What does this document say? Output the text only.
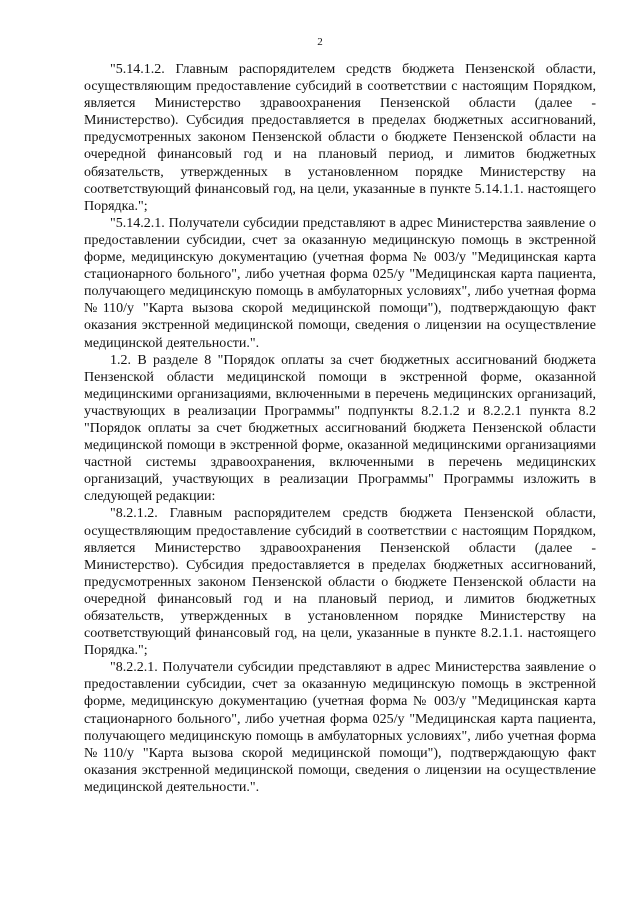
2

"5.14.1.2. Главным распорядителем средств бюджета Пензенской области, осуществляющим предоставление субсидий в соответствии с настоящим Порядком, является Министерство здравоохранения Пензенской области (далее - Министерство). Субсидия предоставляется в пределах бюджетных ассигнований, предусмотренных законом Пензенской области о бюджете Пензенской области на очередной финансовый год и на плановый период, и лимитов бюджетных обязательств, утвержденных в установленном порядке Министерству на соответствующий финансовый год, на цели, указанные в пункте 5.14.1.1. настоящего Порядка.";

"5.14.2.1. Получатели субсидии представляют в адрес Министерства заявление о предоставлении субсидии, счет за оказанную медицинскую помощь в экстренной форме, медицинскую документацию (учетная форма № 003/у "Медицинская карта стационарного больного", либо учетная форма 025/у "Медицинская карта пациента, получающего медицинскую помощь в амбулаторных условиях", либо учетная форма №110/у "Карта вызова скорой медицинской помощи"), подтверждающую факт оказания экстренной медицинской помощи, сведения о лицензии на осуществление медицинской деятельности.".

1.2. В разделе 8 "Порядок оплаты за счет бюджетных ассигнований бюджета Пензенской области медицинской помощи в экстренной форме, оказанной медицинскими организациями, включенными в перечень медицинских организаций, участвующих в реализации Программы" подпункты 8.2.1.2 и 8.2.2.1 пункта 8.2 "Порядок оплаты за счет бюджетных ассигнований бюджета Пензенской области медицинской помощи в экстренной форме, оказанной медицинскими организациями частной системы здравоохранения, включенными в перечень медицинских организаций, участвующих в реализации Программы" Программы изложить в следующей редакции:

"8.2.1.2. Главным распорядителем средств бюджета Пензенской области, осуществляющим предоставление субсидий в соответствии с настоящим Порядком, является Министерство здравоохранения Пензенской области (далее - Министерство). Субсидия предоставляется в пределах бюджетных ассигнований, предусмотренных законом Пензенской области о бюджете Пензенской области на очередной финансовый год и на плановый период, и лимитов бюджетных обязательств, утвержденных в установленном порядке Министерству на соответствующий финансовый год, на цели, указанные в пункте 8.2.1.1. настоящего Порядка.";

"8.2.2.1. Получатели субсидии представляют в адрес Министерства заявление о предоставлении субсидии, счет за оказанную медицинскую помощь в экстренной форме, медицинскую документацию (учетная форма № 003/у "Медицинская карта стационарного больного", либо учетная форма 025/у "Медицинская карта пациента, получающего медицинскую помощь в амбулаторных условиях", либо учетная форма №110/у "Карта вызова скорой медицинской помощи"), подтверждающую факт оказания экстренной медицинской помощи, сведения о лицензии на осуществление медицинской деятельности.".
